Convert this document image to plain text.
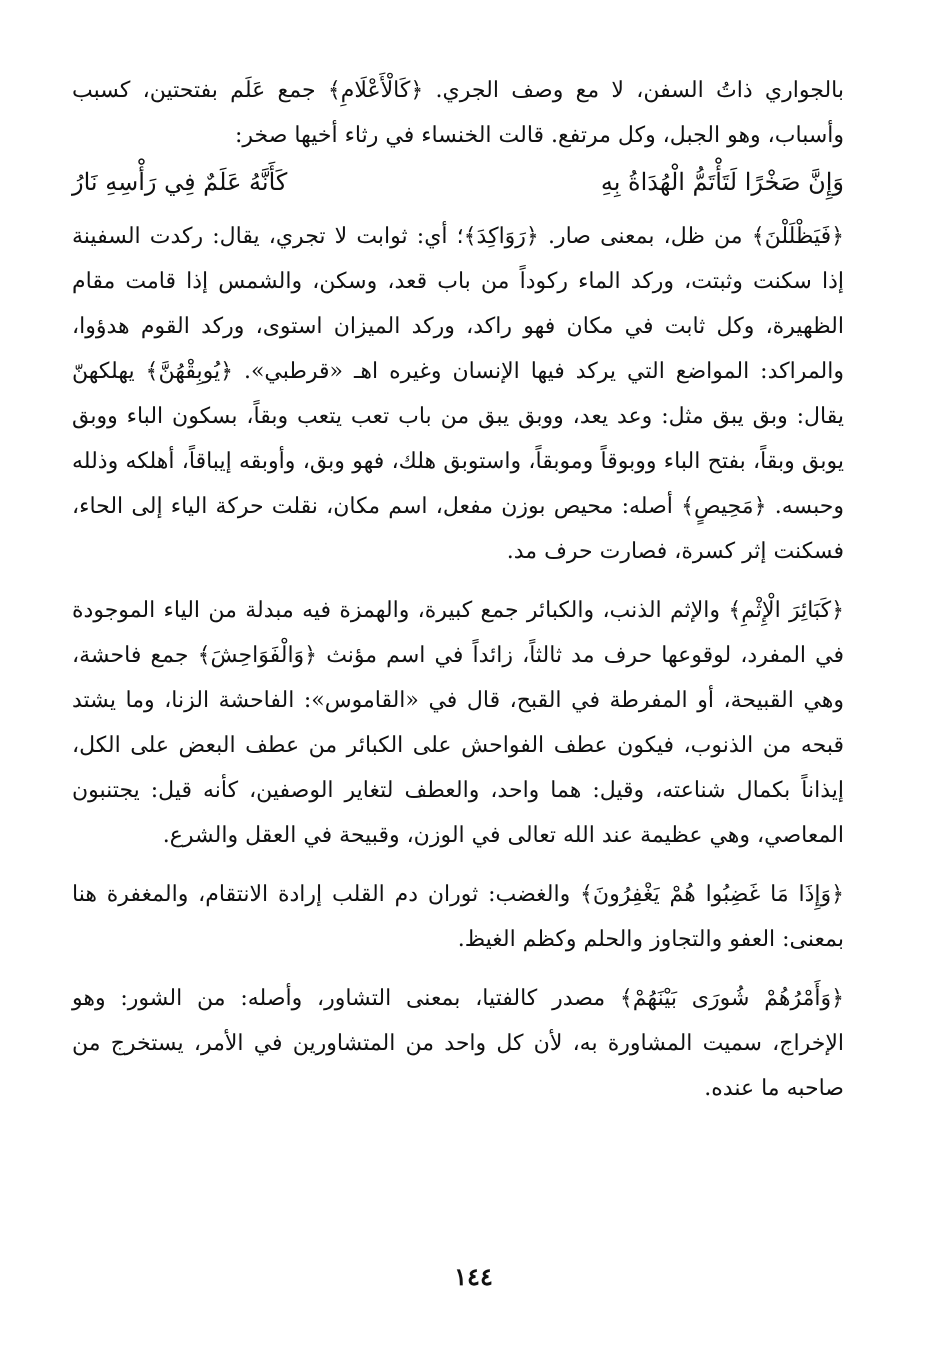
بالجواري ذاتُ السفن، لا مع وصف الجري. ﴿كَالْأَعْلَامِ﴾ جمع عَلَم بفتحتين، كسبب وأسباب، وهو الجبل، وكل مرتفع. قالت الخنساء في رثاء أخيها صخر:

وَإِنَّ صَخْرًا لَتَأْتَمُّ الْهُدَاةُ بِهِ
كَأَنَّهُ عَلَمٌ فِي رَأْسِهِ نَارُ

﴿فَيَظْلَلْنَ﴾ من ظل، بمعنى صار. ﴿رَوَاكِدَ﴾؛ أي: ثوابت لا تجري، يقال: ركدت السفينة إذا سكنت وثبتت، وركد الماء ركوداً من باب قعد، وسكن، والشمس إذا قامت مقام الظهيرة، وكل ثابت في مكان فهو راكد، وركد الميزان استوى، وركد القوم هدؤوا، والمراكد: المواضع التي يركد فيها الإنسان وغيره اهـ «قرطبي». ﴿يُوبِقْهُنَّ﴾ يهلكهنّ يقال: وبق يبق مثل: وعد يعد، ووبق يبق من باب تعب يتعب وبقاً، بسكون الباء ووبق يوبق وبقاً، بفتح الباء ووبوقاً وموبقاً، واستوبق هلك، فهو وبق، وأوبقه إيباقاً، أهلكه وذلله وحبسه. ﴿مَحِيصٍ﴾ أصله: محيص بوزن مفعل، اسم مكان، نقلت حركة الياء إلى الحاء، فسكنت إثر كسرة، فصارت حرف مد.

﴿كَبَائِرَ الْإِثْمِ﴾ والإثم الذنب، والكبائر جمع كبيرة، والهمزة فيه مبدلة من الياء الموجودة في المفرد، لوقوعها حرف مد ثالثاً، زائداً في اسم مؤنث ﴿وَالْفَوَاحِشَ﴾ جمع فاحشة، وهي القبيحة، أو المفرطة في القبح، قال في «القاموس»: الفاحشة الزنا، وما يشتد قبحه من الذنوب، فيكون عطف الفواحش على الكبائر من عطف البعض على الكل، إيذاناً بكمال شناعته، وقيل: هما واحد، والعطف لتغاير الوصفين، كأنه قيل: يجتنبون المعاصي، وهي عظيمة عند الله تعالى في الوزن، وقبيحة في العقل والشرع.

﴿وَإِذَا مَا غَضِبُوا هُمْ يَغْفِرُونَ﴾ والغضب: ثوران دم القلب إرادة الانتقام، والمغفرة هنا بمعنى: العفو والتجاوز والحلم وكظم الغيظ.

﴿وَأَمْرُهُمْ شُورَى بَيْنَهُمْ﴾ مصدر كالفتيا، بمعنى التشاور، وأصله: من الشور: وهو الإخراج، سميت المشاورة به، لأن كل واحد من المتشاورين في الأمر، يستخرج من صاحبه ما عنده.

١٤٤
